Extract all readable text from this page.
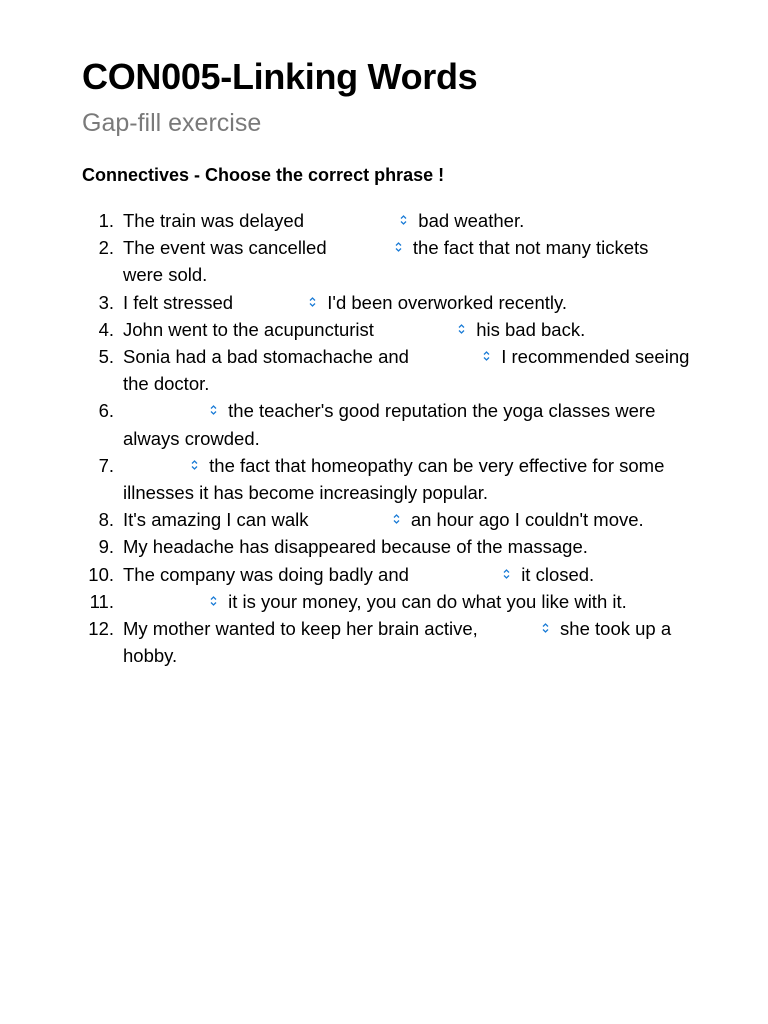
CON005-Linking Words
Gap-fill exercise
Connectives - Choose the correct phrase !
1. The train was delayed	bad weather.
2. The event was cancelled	the fact that not many tickets were sold.
3. I felt stressed	I'd been overworked recently.
4. John went to the acupuncturist	his bad back.
5. Sonia had a bad stomachache and	I recommended seeing the doctor.
6.	the teacher's good reputation the yoga classes were always crowded.
7.	the fact that homeopathy can be very effective for some illnesses it has become increasingly popular.
8. It's amazing I can walk	an hour ago I couldn't move.
9. My headache has disappeared because of the massage.
10. The company was doing badly and	it closed.
11.	it is your money, you can do what you like with it.
12. My mother wanted to keep her brain active,	she took up a hobby.
